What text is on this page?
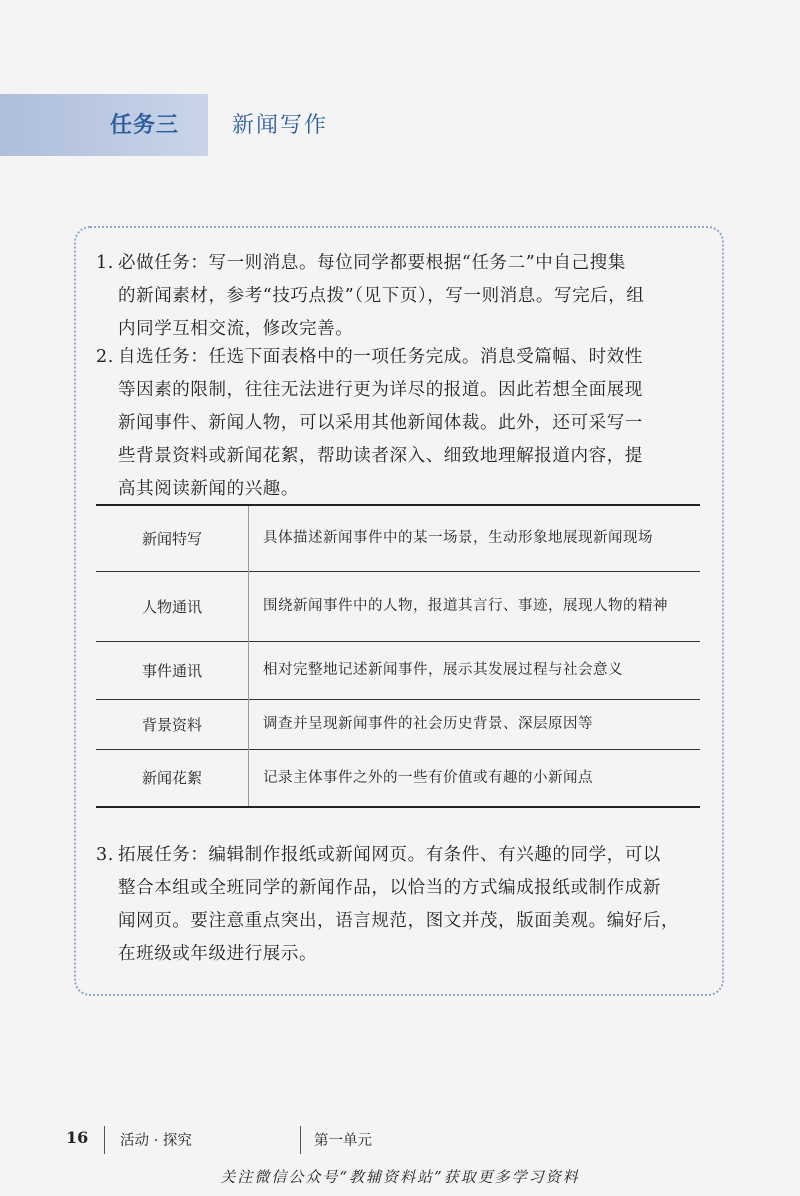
任务三 新闻写作
1. 必做任务：写一则消息。每位同学都要根据“任务二”中自己搜集
的新闻素材，参考“技巧点拨”（见下页），写一则消息。写完后，组
内同学互相交流，修改完善。
2. 自选任务：任选下面表格中的一项任务完成。消息受篇幅、时效性
等因素的限制，往往无法进行更为详尽的报道。因此若想全面展现
新闻事件、新闻人物，可以采用其他新闻体裁。此外，还可采写一
些背景资料或新闻花絮，帮助读者深入、细致地理解报道内容，提
高其阅读新闻的兴趣。
新闻特写	具体描述新闻事件中的某一场景，生动形象地展现新闻现场
人物通讯	围绕新闻事件中的人物，报道其言行、事迹，展现人物的精神
事件通讯	相对完整地记述新闻事件，展示其发展过程与社会意义
背景资料	调查并呈现新闻事件的社会历史背景、深层原因等
新闻花絮	记录主体事件之外的一些有价值或有趣的小新闻点
3. 拓展任务：编辑制作报纸或新闻网页。有条件、有兴趣的同学，可以
整合本组或全班同学的新闻作品，以恰当的方式编成报纸或制作成新
闻网页。要注意重点突出，语言规范，图文并茂，版面美观。编好后，
在班级或年级进行展示。
16 活动 · 探究	第一单元
关注微信公众号“教辅资料站”获取更多学习资料
